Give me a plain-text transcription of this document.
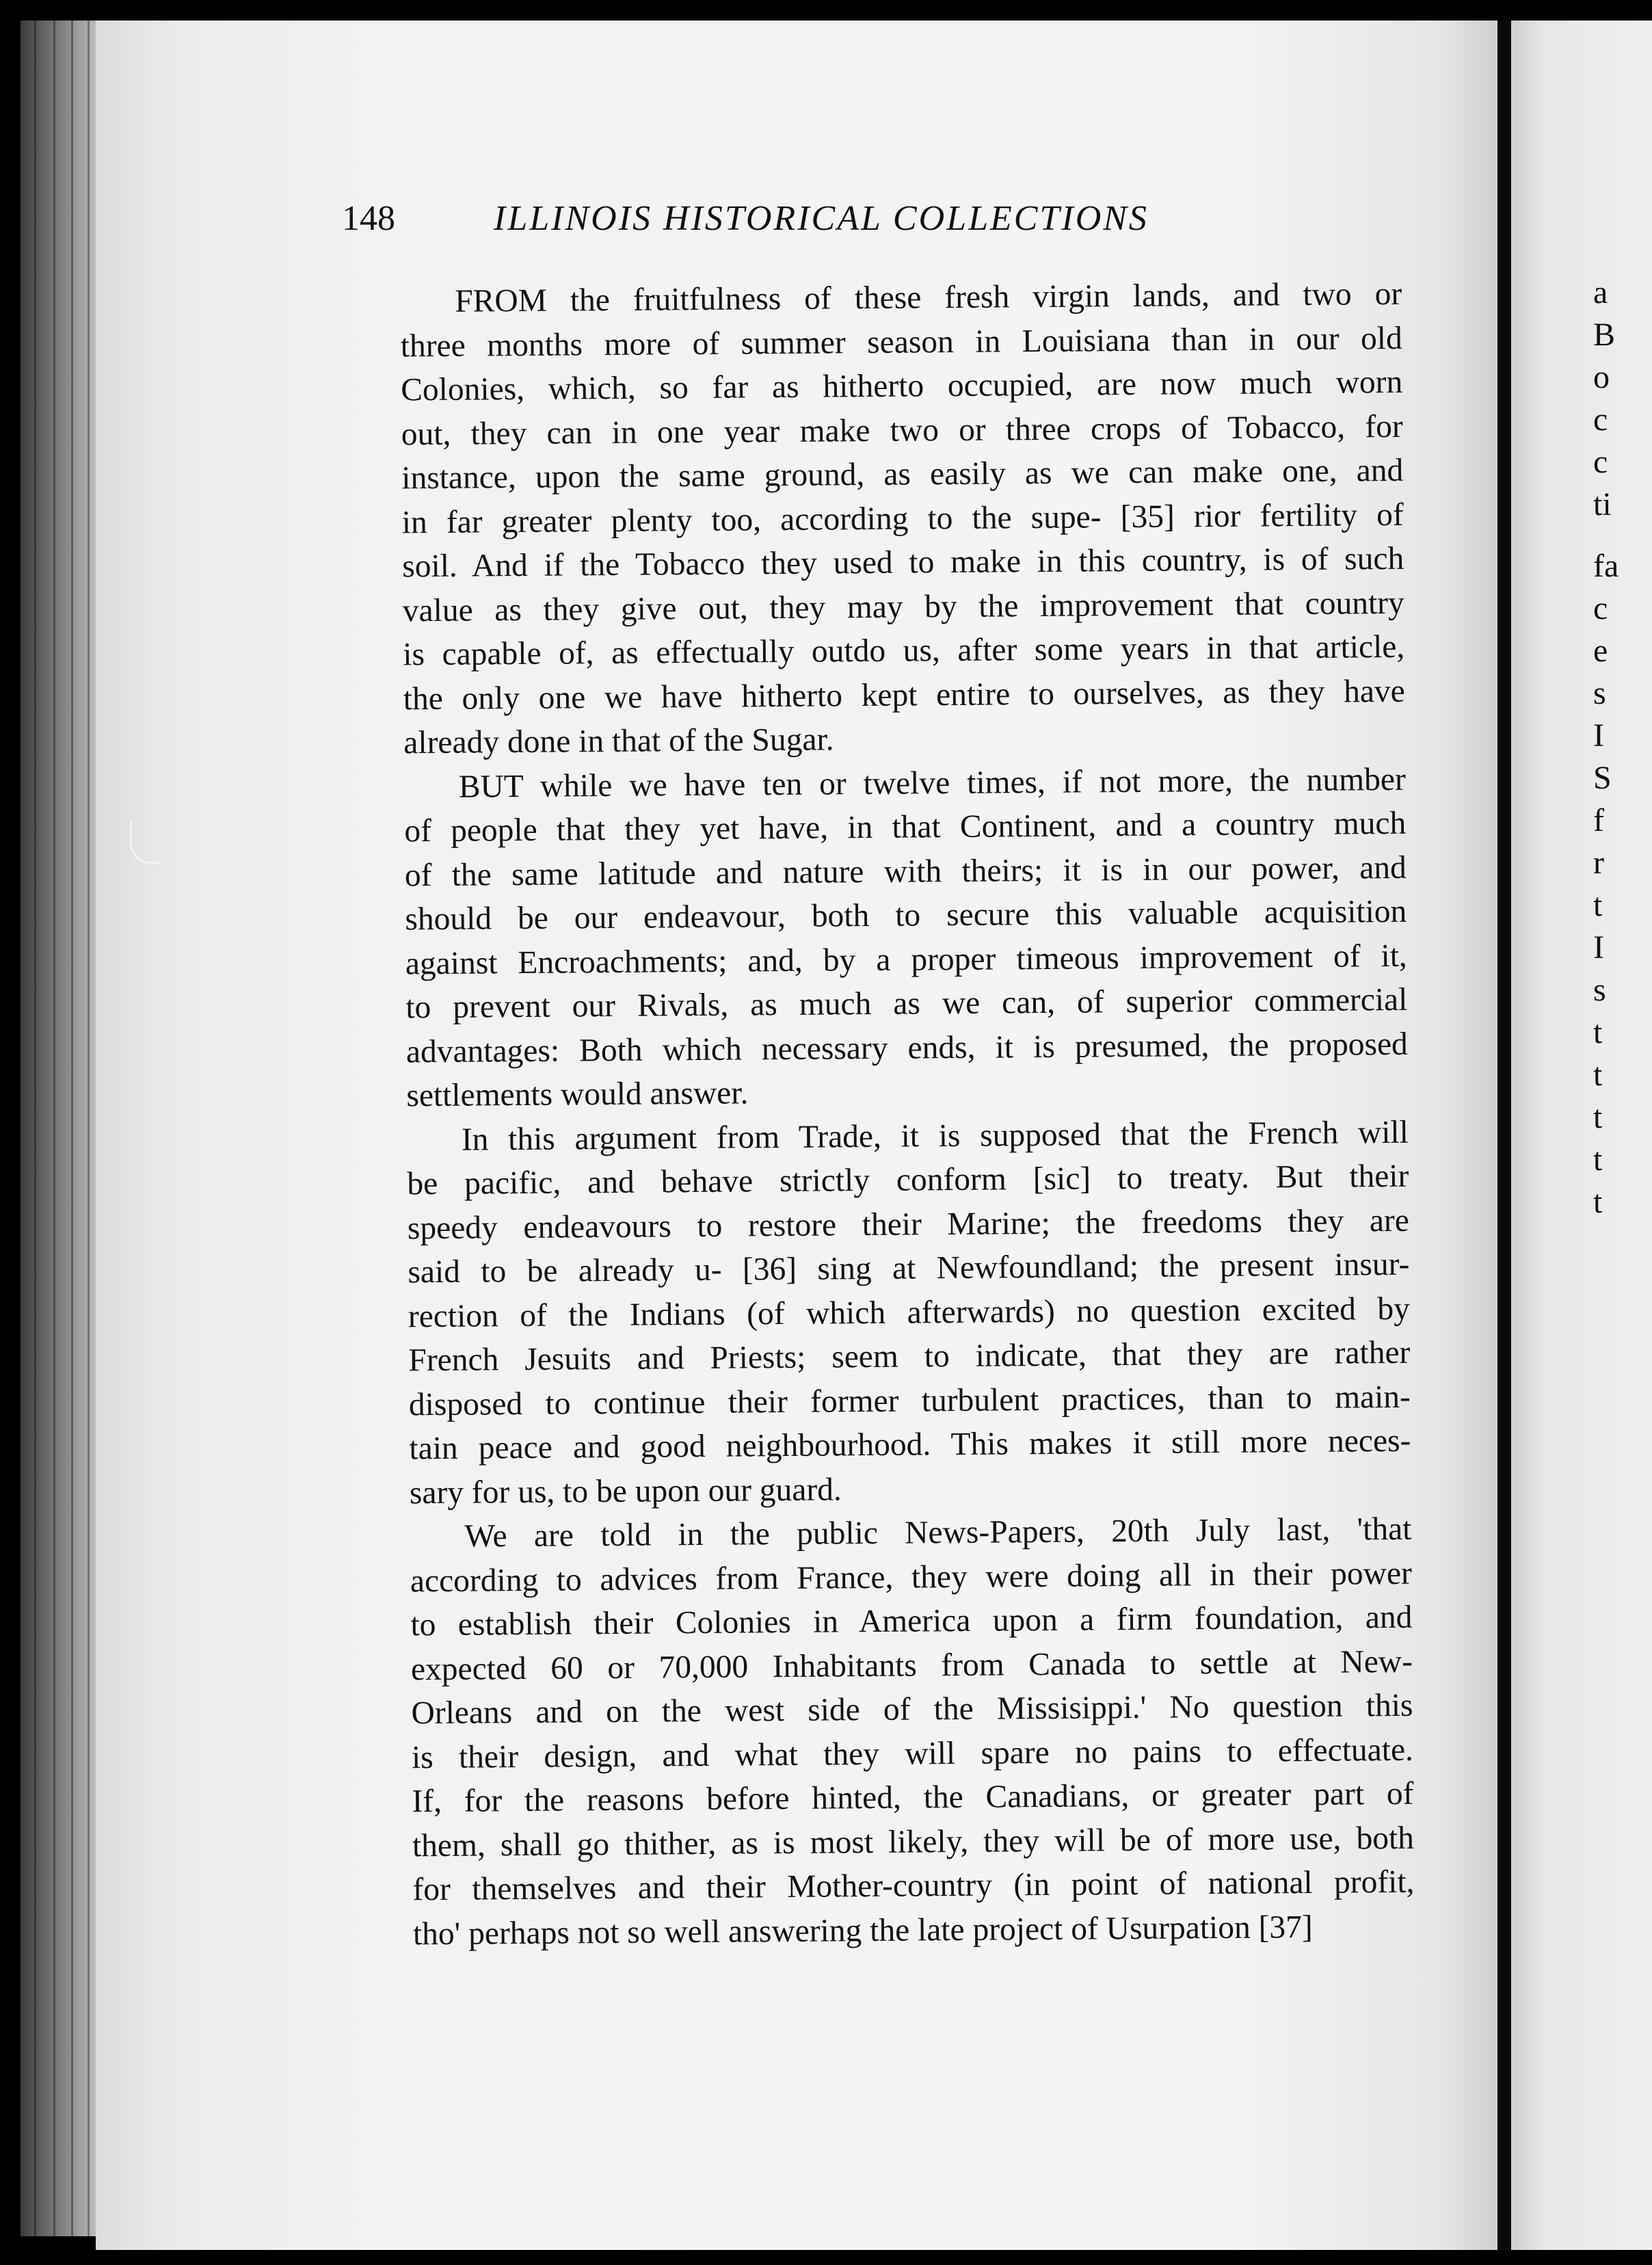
148	ILLINOIS HISTORICAL COLLECTIONS
FROM the fruitfulness of these fresh virgin lands, and two or
three months more of summer season in Louisiana than in our old
Colonies, which, so far as hitherto occupied, are now much worn
out, they can in one year make two or three crops of Tobacco, for
instance, upon the same ground, as easily as we can make one, and
in far greater plenty too, according to the supe- [35] rior fertility of
soil. And if the Tobacco they used to make in this country, is of such
value as they give out, they may by the improvement that country
is capable of, as effectually outdo us, after some years in that article,
the only one we have hitherto kept entire to ourselves, as they have
already done in that of the Sugar.
BUT while we have ten or twelve times, if not more, the number
of people that they yet have, in that Continent, and a country much
of the same latitude and nature with theirs; it is in our power, and
should be our endeavour, both to secure this valuable acquisition
against Encroachments; and, by a proper timeous improvement of it,
to prevent our Rivals, as much as we can, of superior commercial
advantages: Both which necessary ends, it is presumed, the proposed
settlements would answer.
In this argument from Trade, it is supposed that the French will
be pacific, and behave strictly conform [sic] to treaty. But their
speedy endeavours to restore their Marine; the freedoms they are
said to be already u- [36] sing at Newfoundland; the present insur-
rection of the Indians (of which afterwards) no question excited by
French Jesuits and Priests; seem to indicate, that they are rather
disposed to continue their former turbulent practices, than to main-
tain peace and good neighbourhood. This makes it still more neces-
sary for us, to be upon our guard.
We are told in the public News-Papers, 20th July last, 'that
according to advices from France, they were doing all in their power
to establish their Colonies in America upon a firm foundation, and
expected 60 or 70,000 Inhabitants from Canada to settle at New-
Orleans and on the west side of the Missisippi.' No question this
is their design, and what they will spare no pains to effectuate.
If, for the reasons before hinted, the Canadians, or greater part of
them, shall go thither, as is most likely, they will be of more use, both
for themselves and their Mother-country (in point of national profit,
tho' perhaps not so well answering the late project of Usurpation [37]
a
B
o
c
c
ti
fa
c
e
s
I
S
f
r
t
I
s
t
t
t
t
t
